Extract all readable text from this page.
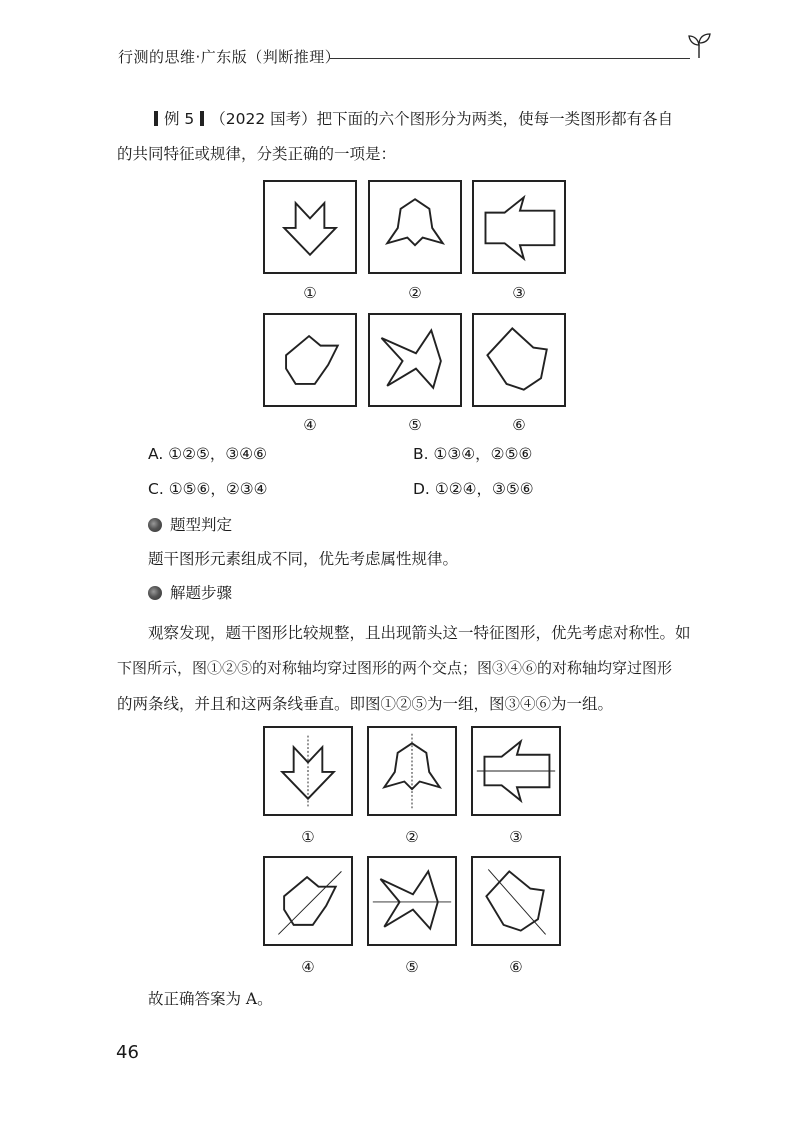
行测的思维·广东版（判断推理）
例 5 （2022 国考）把下面的六个图形分为两类，使每一类图形都有各自
的共同特征或规律，分类正确的一项是：
①	②	③
④	⑤	⑥
A. ①②⑤，③④⑥	B. ①③④，②⑤⑥
C. ①⑤⑥，②③④	D. ①②④，③⑤⑥
题型判定
题干图形元素组成不同，优先考虑属性规律。
解题步骤
观察发现，题干图形比较规整，且出现箭头这一特征图形，优先考虑对称性。如
下图所示，图①②⑤的对称轴均穿过图形的两个交点；图③④⑥的对称轴均穿过图形
的两条线，并且和这两条线垂直。即图①②⑤为一组，图③④⑥为一组。
①	②	③
④	⑤	⑥
故正确答案为 A。
46
